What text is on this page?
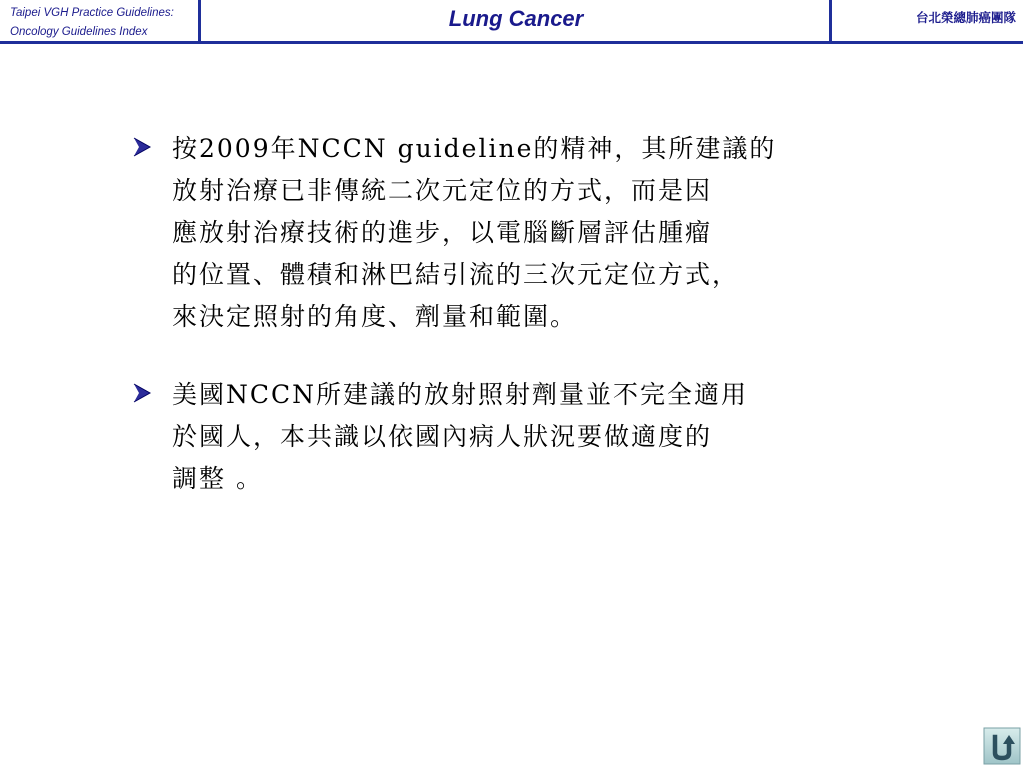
Taipei VGH Practice Guidelines:
Oncology Guidelines Index
Lung Cancer	台北榮總肺癌團隊
按2009年NCCN guideline的精神，其所建議的
放射治療已非傳統二次元定位的方式，而是因
應放射治療技術的進步，以電腦斷層評估腫瘤
的位置、體積和淋巴結引流的三次元定位方式，
來決定照射的角度、劑量和範圍。
美國NCCN所建議的放射照射劑量並不完全適用
於國人，本共識以依國內病人狀況要做適度的
調整 。
